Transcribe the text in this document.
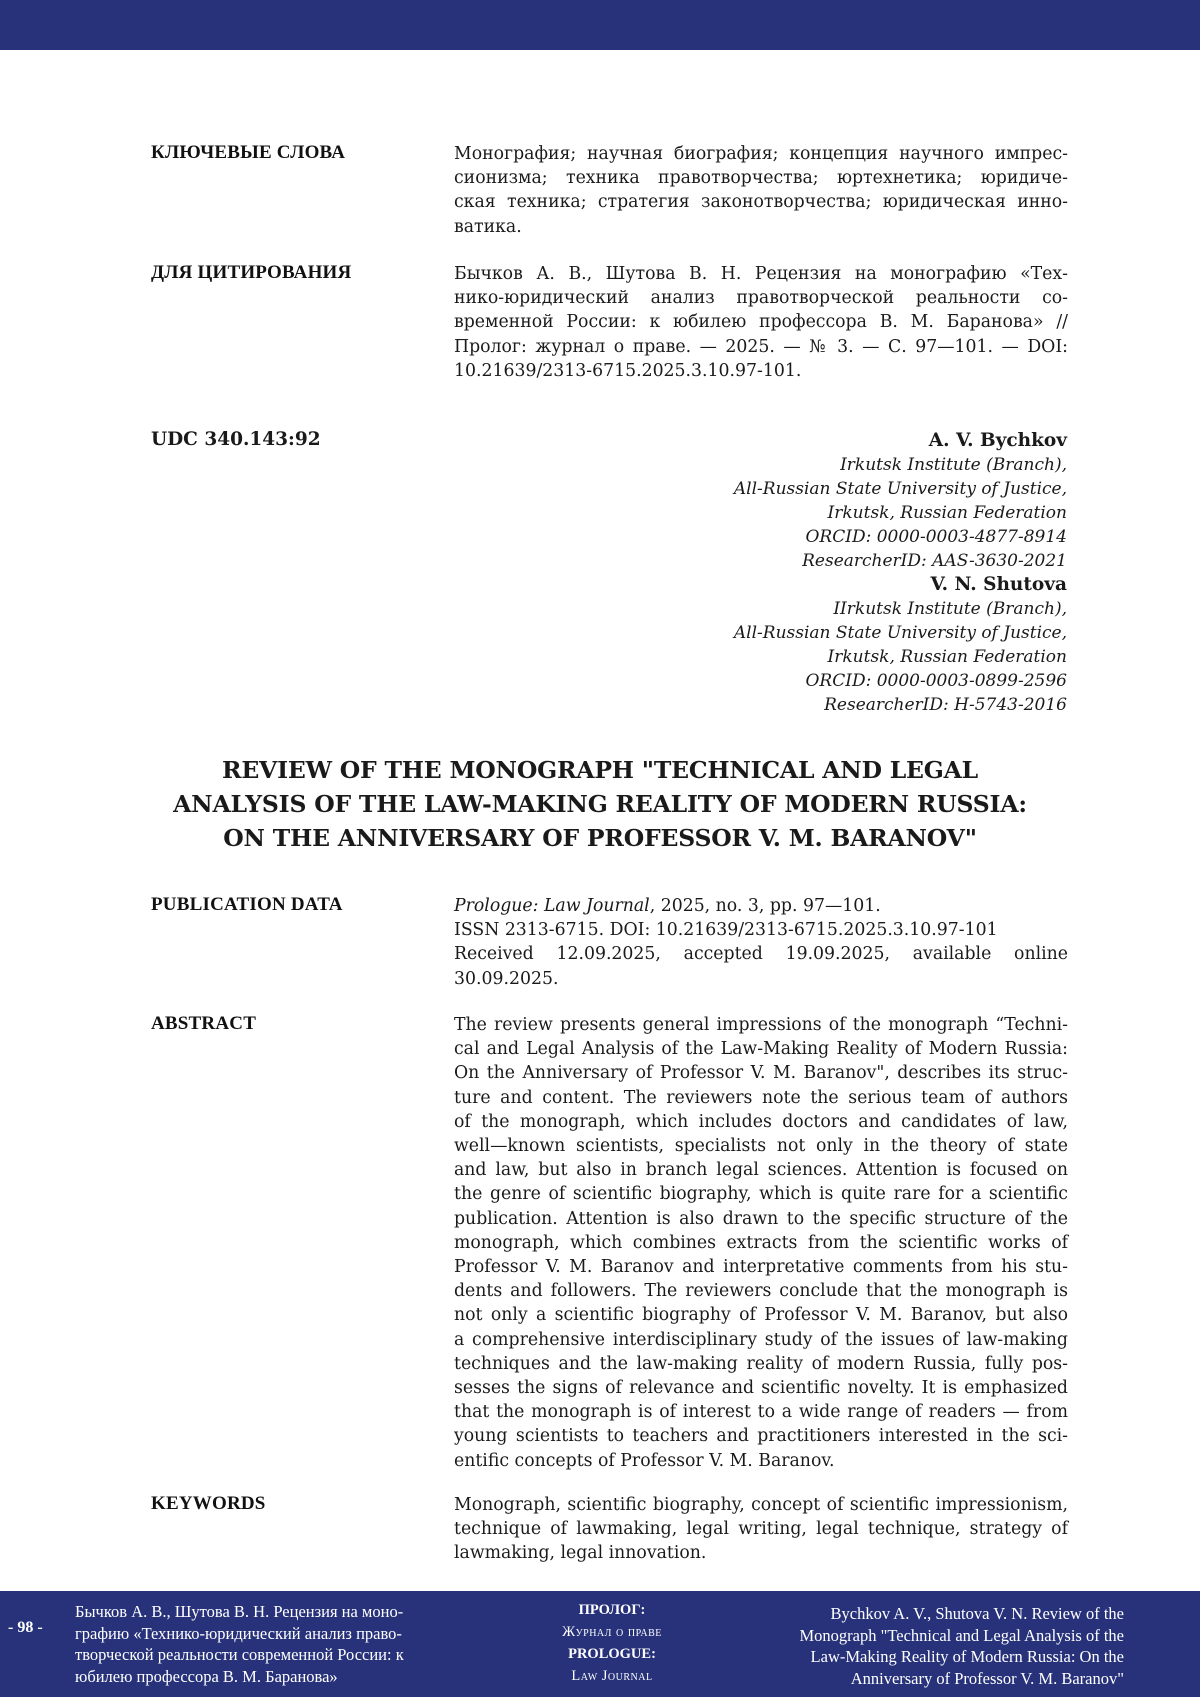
КЛЮЧЕВЫЕ СЛОВА	Монография; научная биография; концепция научного импрес-
сионизма; техника правотворчества; юртехнетика; юридиче-
ская техника; стратегия законотворчества; юридическая инно-
ватика.
ДЛЯ ЦИТИРОВАНИЯ	Бычков А. В., Шутова В. Н. Рецензия на монографию «Тех-
нико-юридический анализ правотворческой реальности со-
временной России: к юбилею профессора В. М. Баранова» //
Пролог: журнал о праве. — 2025. — № 3. — С. 97—101. — DOI:
10.21639/2313-6715.2025.3.10.97-101.
UDC 340.143:92	A. V. Bychkov
Irkutsk Institute (Branch),
All-Russian State University of Justice,
Irkutsk, Russian Federation
ORCID: 0000-0003-4877-8914
ResearcherID: AAS-3630-2021
V. N. Shutova
IIrkutsk Institute (Branch),
All-Russian State University of Justice,
Irkutsk, Russian Federation
ORCID: 0000-0003-0899-2596
ResearcherID: H-5743-2016
REVIEW OF THE MONOGRAPH "TECHNICAL AND LEGAL
ANALYSIS OF THE LAW-MAKING REALITY OF MODERN RUSSIA:
ON THE ANNIVERSARY OF PROFESSOR V. M. BARANOV"
PUBLICATION DATA	Prologue: Law Journal, 2025, no. 3, pp. 97—101.
ISSN 2313-6715. DOI: 10.21639/2313-6715.2025.3.10.97-101
Received 12.09.2025, accepted 19.09.2025, available online
30.09.2025.
ABSTRACT	The review presents general impressions of the monograph “Techni-
cal and Legal Analysis of the Law-Making Reality of Modern Russia:
On the Anniversary of Professor V. M. Baranov", describes its struc-
ture and content. The reviewers note the serious team of authors
of the monograph, which includes doctors and candidates of law,
well—known scientists, specialists not only in the theory of state
and law, but also in branch legal sciences. Attention is focused on
the genre of scientific biography, which is quite rare for a scientific
publication. Attention is also drawn to the specific structure of the
monograph, which combines extracts from the scientific works of
Professor V. M. Baranov and interpretative comments from his stu-
dents and followers. The reviewers conclude that the monograph is
not only a scientific biography of Professor V. M. Baranov, but also
a comprehensive interdisciplinary study of the issues of law-making
techniques and the law-making reality of modern Russia, fully pos-
sesses the signs of relevance and scientific novelty. It is emphasized
that the monograph is of interest to a wide range of readers — from
young scientists to teachers and practitioners interested in the sci-
entific concepts of Professor V. M. Baranov.
KEYWORDS	Monograph, scientific biography, concept of scientific impressionism,
technique of lawmaking, legal writing, legal technique, strategy of
lawmaking, legal innovation.
- 98 -
Бычков А. В., Шутова В. Н. Рецензия на моно-
графию «Технико-юридический анализ право-
творческой реальности современной России: к
юбилею профессора В. М. Баранова»
ПРОЛОГ:
Журнал о праве
PROLOGUE:
Law Journal
Bychkov A. V., Shutova V. N. Review of the
Monograph "Technical and Legal Analysis of the
Law-Making Reality of Modern Russia: On the
Anniversary of Professor V. M. Baranov"
